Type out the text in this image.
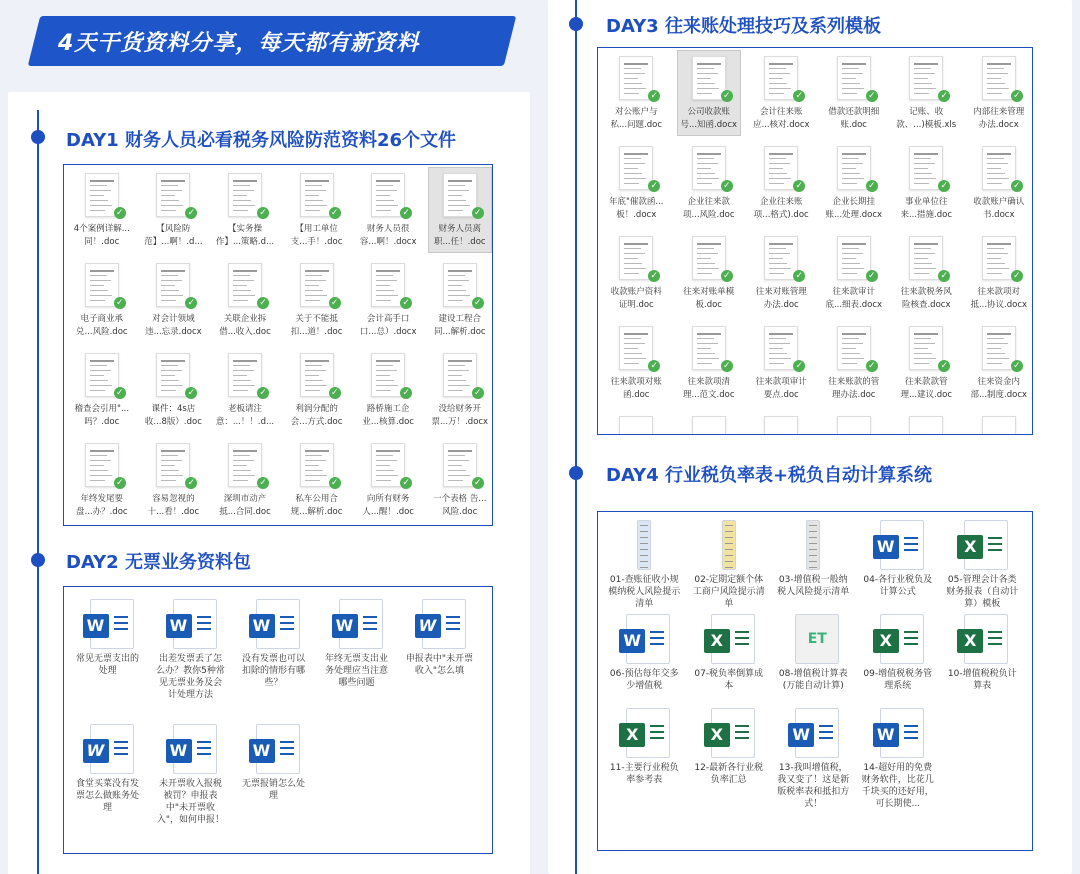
4天干货资料分享，每天都有新资料
DAY1 财务人员必看税务风险防范资料26个文件
✓
4个案例详解...
同！.doc
✓
【风险防
范】...啊！.d...
✓
【实务操
作】...策略.d...
✓
【用工单位
支...手！.doc
✓
财务人员很
容...啊！.docx
✓
财务人员离
职...任！.doc
✓
电子商业承
兑...风险.doc
✓
对会计领域
违...忘录.docx
✓
关联企业拆
借...收入.doc
✓
关于不能抵
扣...道！.doc
✓
会计高手口
口...总）.docx
✓
建设工程合
同...解析.doc
✓
稽查会引用"...
吗？.doc
✓
课件：4s店
收...8版）.doc
✓
老板请注
意：...！！.d...
✓
利润分配的
会...方式.doc
✓
路桥施工企
业...核算.doc
✓
没给财务开
票...万！.docx
✓
年终发尾要
盘...办？.doc
✓
容易忽视的
十...看！.doc
✓
深圳市动产
抵...合同.doc
✓
私车公用合
规...解析.doc
✓
向所有财务
人...醒！.doc
✓
一个表格 告...
风险.doc
DAY2 无票业务资料包
W
常见无票支出的处理
W
出差发票丢了怎么办？教你5种常见无票业务及会计处理方法
W
没有发票也可以扣除的情形有哪些？
W
年终无票支出业务处理应当注意哪些问题
W
申报表中"未开票收入"怎么填
W
食堂买菜没有发票怎么做账务处理
W
未开票收入报税被罚？申报表中"未开票收入"，如何申报！
W
无票报销怎么处理
DAY3 往来账处理技巧及系列模板
✓
对公账户与
私...问题.doc
✓
公司收款账
号...知函.docx
✓
会计往来账
应...核对.docx
✓
借款还款明细
账.doc
✓
记账、收
款、...)模板.xls
✓
内部往来管理
办法.docx
✓
年底"催款函...
板！.docx
✓
企业往来款
项...风险.doc
✓
企业往来账
项...格式).doc
✓
企业长期挂
账...处理.docx
✓
事业单位往
来...措施.doc
✓
收款账户确认
书.docx
✓
收款账户资料
证明.doc
✓
往来对账单模
板.doc
✓
往来对账管理
办法.doc
✓
往来款审计
底...细表.docx
✓
往来款税务风
险核查.docx
✓
往来款项对
抵...协议.docx
✓
往来款项对账
函.doc
✓
往来款项清
理...范文.doc
✓
往来款项审计
要点.doc
✓
往来账款的管
理办法.doc
✓
往来款款管
理...建议.doc
✓
往来资金内
部...制度.docx
DAY4 行业税负率表+税负自动计算系统
01-查账征收小规模纳税人风险提示清单
02-定期定额个体工商户风险提示清单
03-增值税一般纳税人风险提示清单
W
04-各行业税负及计算公式
X
05-管理会计各类财务报表（自动计算）模板
W
06-预估每年交多少增值税
X
07-税负率倒算成本
ET
08-增值税计算表(万能自动计算)
X
09-增值税税务管理系统
X
10-增值税税负计算表
X
11-主要行业税负率参考表
X
12-最新各行业税负率汇总
W
13-我叫增值税，我又变了！这是新版税率表和抵扣方式！
W
14-超好用的免费财务软件，比花几千块买的还好用，可长期使...
